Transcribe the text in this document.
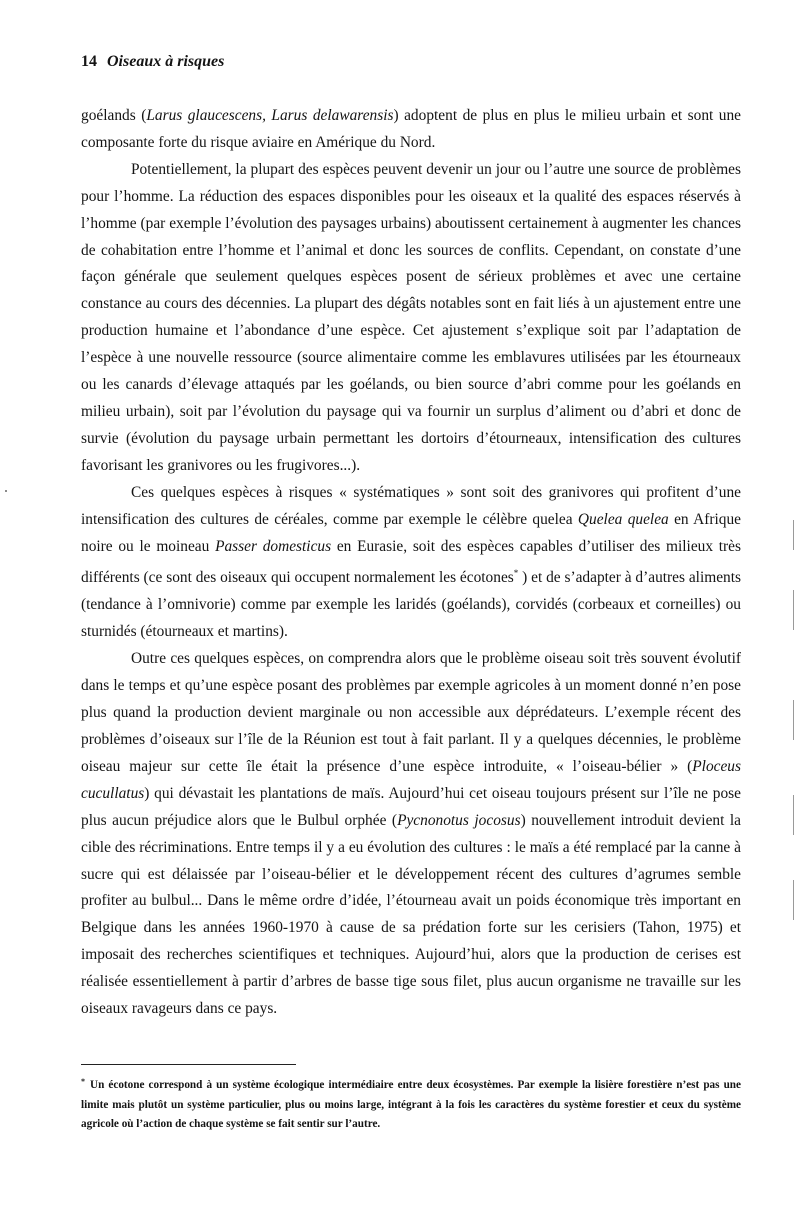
14 Oiseaux à risques

goélands (Larus glaucescens, Larus delawarensis) adoptent de plus en plus le milieu urbain et sont une composante forte du risque aviaire en Amérique du Nord.

Potentiellement, la plupart des espèces peuvent devenir un jour ou l’autre une source de problèmes pour l’homme. La réduction des espaces disponibles pour les oiseaux et la qualité des espaces réservés à l’homme (par exemple l’évolution des paysages urbains) aboutissent certainement à augmenter les chances de cohabitation entre l’homme et l’animal et donc les sources de conflits. Cependant, on constate d’une façon générale que seulement quelques espèces posent de sérieux problèmes et avec une certaine constance au cours des décennies. La plupart des dégâts notables sont en fait liés à un ajustement entre une production humaine et l’abondance d’une espèce. Cet ajustement s’explique soit par l’adaptation de l’espèce à une nouvelle ressource (source alimentaire comme les emblavures utilisées par les étourneaux ou les canards d’élevage attaqués par les goélands, ou bien source d’abri comme pour les goélands en milieu urbain), soit par l’évolution du paysage qui va fournir un surplus d’aliment ou d’abri et donc de survie (évolution du paysage urbain permettant les dortoirs d’étourneaux, intensification des cultures favorisant les granivores ou les frugivores...).

Ces quelques espèces à risques « systématiques » sont soit des granivores qui profitent d’une intensification des cultures de céréales, comme par exemple le célèbre quelea Quelea quelea en Afrique noire ou le moineau Passer domesticus en Eurasie, soit des espèces capables d’utiliser des milieux très différents (ce sont des oiseaux qui occupent normalement les écotones* ) et de s’adapter à d’autres aliments (tendance à l’omnivorie) comme par exemple les laridés (goélands), corvidés (corbeaux et corneilles) ou sturnidés (étourneaux et martins).

Outre ces quelques espèces, on comprendra alors que le problème oiseau soit très souvent évolutif dans le temps et qu’une espèce posant des problèmes par exemple agricoles à un moment donné n’en pose plus quand la production devient marginale ou non accessible aux déprédateurs. L’exemple récent des problèmes d’oiseaux sur l’île de la Réunion est tout à fait parlant. Il y a quelques décennies, le problème oiseau majeur sur cette île était la présence d’une espèce introduite, « l’oiseau-bélier » (Ploceus cucullatus) qui dévastait les plantations de maïs. Aujourd’hui cet oiseau toujours présent sur l’île ne pose plus aucun préjudice alors que le Bulbul orphée (Pycnonotus jocosus) nouvellement introduit devient la cible des récriminations. Entre temps il y a eu évolution des cultures : le maïs a été remplacé par la canne à sucre qui est délaissée par l’oiseau-bélier et le développement récent des cultures d’agrumes semble profiter au bulbul... Dans le même ordre d’idée, l’étourneau avait un poids économique très important en Belgique dans les années 1960-1970 à cause de sa prédation forte sur les cerisiers (Tahon, 1975) et imposait des recherches scientifiques et techniques. Aujourd’hui, alors que la production de cerises est réalisée essentiellement à partir d’arbres de basse tige sous filet, plus aucun organisme ne travaille sur les oiseaux ravageurs dans ce pays.

* Un écotone correspond à un système écologique intermédiaire entre deux écosystèmes. Par exemple la lisière forestière n’est pas une limite mais plutôt un système particulier, plus ou moins large, intégrant à la fois les caractères du système forestier et ceux du système agricole où l’action de chaque système se fait sentir sur l’autre.
